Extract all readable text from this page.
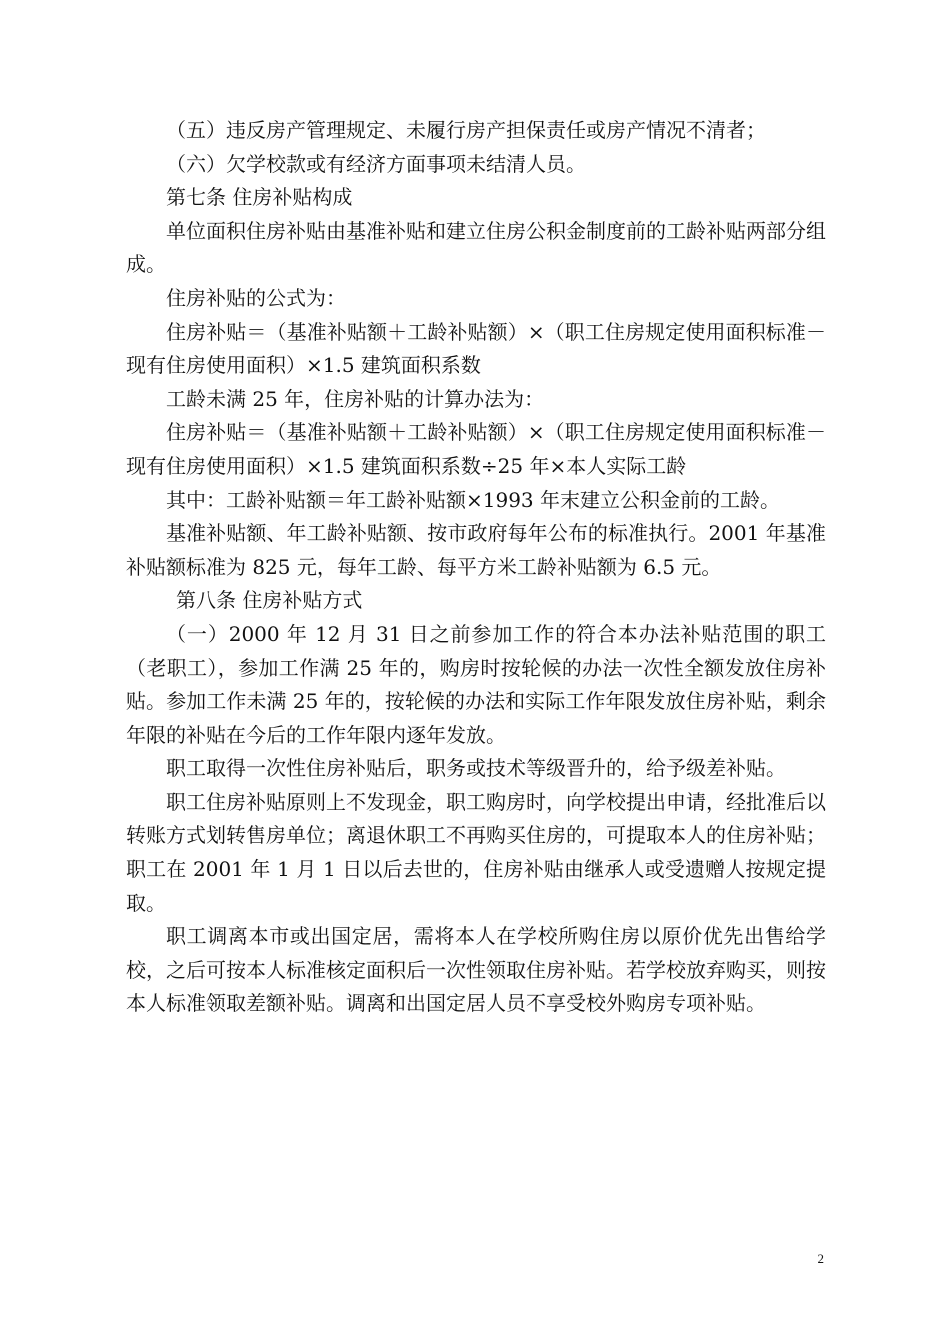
（五）违反房产管理规定、未履行房产担保责任或房产情况不清者；

（六）欠学校款或有经济方面事项未结清人员。

第七条 住房补贴构成

单位面积住房补贴由基准补贴和建立住房公积金制度前的工龄补贴两部分组成。

住房补贴的公式为：

住房补贴＝（基准补贴额＋工龄补贴额）×（职工住房规定使用面积标准－现有住房使用面积）×1.5 建筑面积系数

工龄未满 25 年，住房补贴的计算办法为：

住房补贴＝（基准补贴额＋工龄补贴额）×（职工住房规定使用面积标准－现有住房使用面积）×1.5 建筑面积系数÷25 年×本人实际工龄

其中：工龄补贴额＝年工龄补贴额×1993 年末建立公积金前的工龄。

基准补贴额、年工龄补贴额、按市政府每年公布的标准执行。2001 年基准补贴额标准为 825 元，每年工龄、每平方米工龄补贴额为 6.5 元。

第八条 住房补贴方式

（一）2000 年 12 月 31 日之前参加工作的符合本办法补贴范围的职工（老职工），参加工作满 25 年的，购房时按轮候的办法一次性全额发放住房补贴。参加工作未满 25 年的，按轮候的办法和实际工作年限发放住房补贴，剩余年限的补贴在今后的工作年限内逐年发放。

职工取得一次性住房补贴后，职务或技术等级晋升的，给予级差补贴。

职工住房补贴原则上不发现金，职工购房时，向学校提出申请，经批准后以转账方式划转售房单位；离退休职工不再购买住房的，可提取本人的住房补贴；职工在 2001 年 1 月 1 日以后去世的，住房补贴由继承人或受遗赠人按规定提取。

职工调离本市或出国定居，需将本人在学校所购住房以原价优先出售给学校，之后可按本人标准核定面积后一次性领取住房补贴。若学校放弃购买，则按本人标准领取差额补贴。调离和出国定居人员不享受校外购房专项补贴。

2
